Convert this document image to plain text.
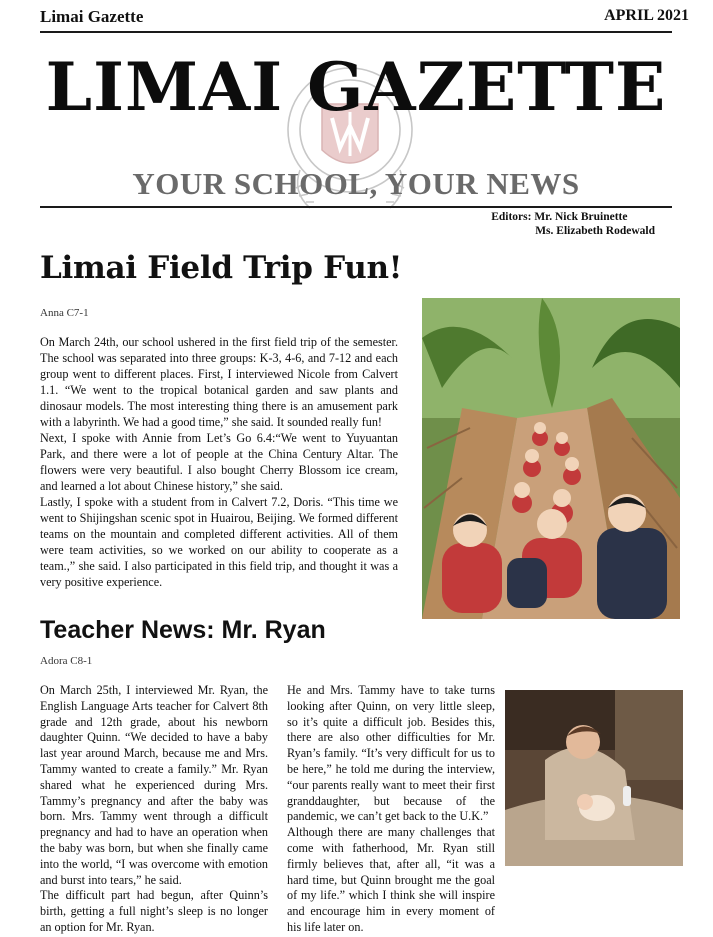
Limai Gazette	APRIL 2021
LIMAI GAZETTE
YOUR SCHOOL, YOUR NEWS
Editors: Mr. Nick Bruinette
Ms. Elizabeth Rodewald
Limai Field Trip Fun!
Anna C7-1

On March 24th, our school ushered in the first field trip of the semester. The school was separated into three groups: K-3, 4-6, and 7-12 and each group went to different places. First, I interviewed Nicole from Calvert 1.1. “We went to the tropical botanical garden and saw plants and dinosaur models. The most interesting thing there is an amusement park with a labyrinth. We had a good time,” she said. It sounded really fun!

Next, I spoke with Annie from Let’s Go 6.4:“We went to Yuyuantan Park, and there were a lot of people at the China Century Altar. The flowers were very beautiful. I also bought Cherry Blossom ice cream, and learned a lot about Chinese history,” she said.

Lastly, I spoke with a student from in Calvert 7.2, Doris. “This time we went to Shijingshan scenic spot in Huairou, Beijing. We formed different teams on the mountain and completed different activities. All of them were team activities, so we worked on our ability to cooperate as a team.,” she said. I also participated in this field trip, and thought it was a very positive experience.

Teacher News: Mr. Ryan
Adora C8-1

On March 25th, I interviewed Mr. Ryan, the English Language Arts teacher for Calvert 8th grade and 12th grade, about his newborn daughter Quinn. “We decided to have a baby last year around March, because me and Mrs. Tammy wanted to create a family.” Mr. Ryan shared what he experienced during Mrs. Tammy’s pregnancy and after the baby was born. Mrs. Tammy went through a difficult pregnancy and had to have an operation when the baby was born, but when she finally came into the world, “I was overcome with emotion and burst into tears,” he said.

The difficult part had begun, after Quinn’s birth, getting a full night’s sleep is no longer an option for Mr. Ryan.

He and Mrs. Tammy have to take turns looking after Quinn, on very little sleep, so it’s quite a difficult job. Besides this, there are also other difficulties for Mr. Ryan’s family. “It’s very difficult for us to be here,” he told me during the interview, “our parents really want to meet their first granddaughter, but because of the pandemic, we can’t get back to the U.K.”

Although there are many challenges that come with fatherhood, Mr. Ryan still firmly believes that, after all, “it was a hard time, but Quinn brought me the goal of my life.” which I think she will inspire and encourage him in every moment of his life later on.
